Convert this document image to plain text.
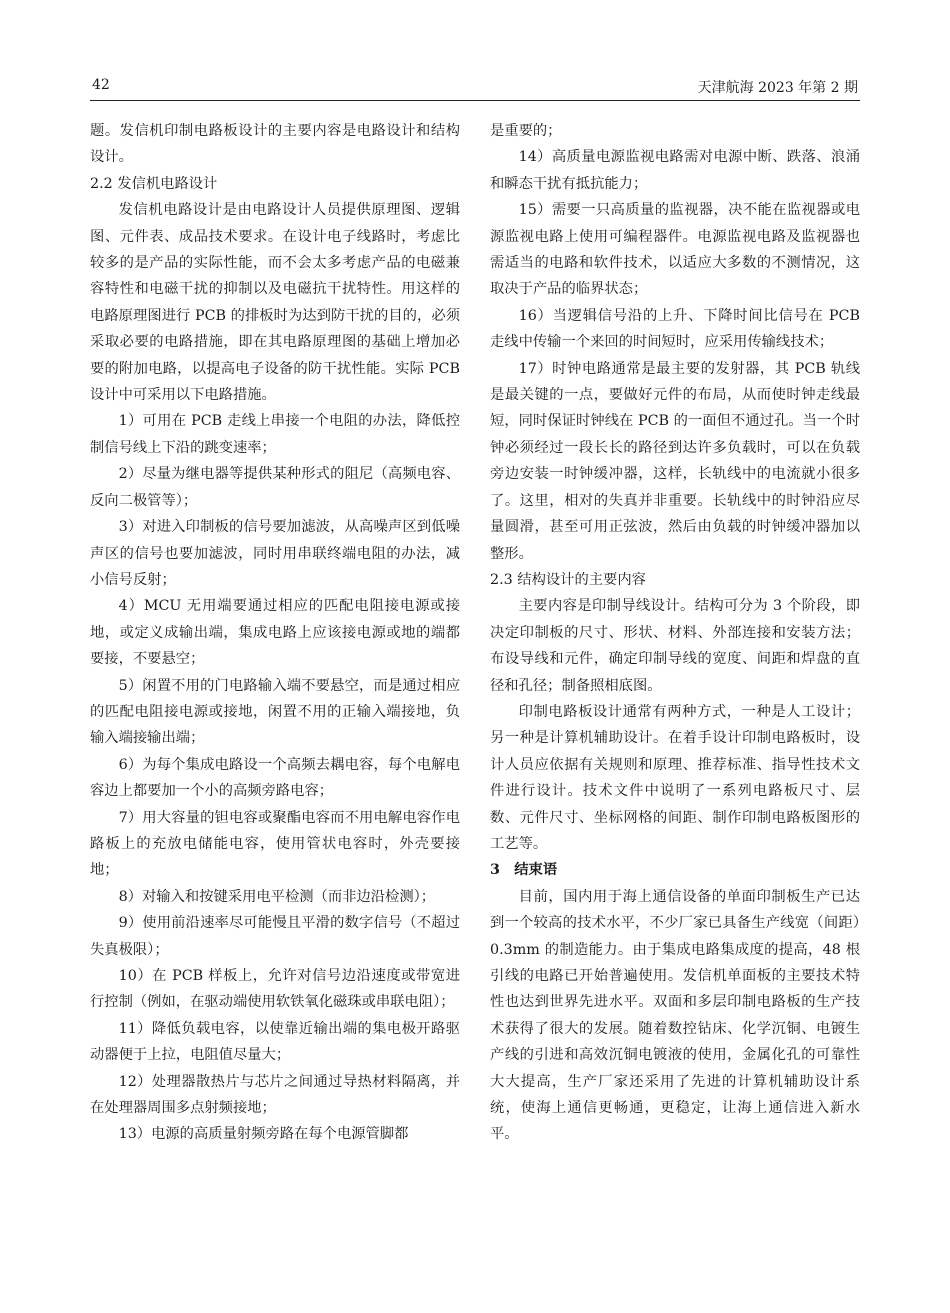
42	天津航海 2023 年第 2 期

题。发信机印制电路板设计的主要内容是电路设计和结构设计。

2.2 发信机电路设计

发信机电路设计是由电路设计人员提供原理图、逻辑图、元件表、成品技术要求。在设计电子线路时，考虑比较多的是产品的实际性能，而不会太多考虑产品的电磁兼容特性和电磁干扰的抑制以及电磁抗干扰特性。用这样的电路原理图进行 PCB 的排板时为达到防干扰的目的，必须采取必要的电路措施，即在其电路原理图的基础上增加必要的附加电路，以提高电子设备的防干扰性能。实际 PCB 设计中可采用以下电路措施。

1）可用在 PCB 走线上串接一个电阻的办法，降低控制信号线上下沿的跳变速率；

2）尽量为继电器等提供某种形式的阻尼（高频电容、反向二极管等）；

3）对进入印制板的信号要加滤波，从高噪声区到低噪声区的信号也要加滤波，同时用串联终端电阻的办法，减小信号反射；

4）MCU 无用端要通过相应的匹配电阻接电源或接地，或定义成输出端，集成电路上应该接电源或地的端都要接，不要悬空；

5）闲置不用的门电路输入端不要悬空，而是通过相应的匹配电阻接电源或接地，闲置不用的正输入端接地，负输入端接输出端；

6）为每个集成电路设一个高频去耦电容，每个电解电容边上都要加一个小的高频旁路电容；

7）用大容量的钽电容或聚酯电容而不用电解电容作电路板上的充放电储能电容，使用管状电容时，外壳要接地；

8）对输入和按键采用电平检测（而非边沿检测）；

9）使用前沿速率尽可能慢且平滑的数字信号（不超过失真极限）；

10）在 PCB 样板上，允许对信号边沿速度或带宽进行控制（例如，在驱动端使用软铁氧化磁珠或串联电阻）；

11）降低负载电容，以使靠近输出端的集电极开路驱动器便于上拉，电阻值尽量大；

12）处理器散热片与芯片之间通过导热材料隔离，并在处理器周围多点射频接地；

13）电源的高质量射频旁路在每个电源管脚都

是重要的；

14）高质量电源监视电路需对电源中断、跌落、浪涌和瞬态干扰有抵抗能力；

15）需要一只高质量的监视器，决不能在监视器或电源监视电路上使用可编程器件。电源监视电路及监视器也需适当的电路和软件技术，以适应大多数的不测情况，这取决于产品的临界状态；

16）当逻辑信号沿的上升、下降时间比信号在 PCB 走线中传输一个来回的时间短时，应采用传输线技术；

17）时钟电路通常是最主要的发射器，其 PCB 轨线是最关键的一点，要做好元件的布局，从而使时钟走线最短，同时保证时钟线在 PCB 的一面但不通过孔。当一个时钟必须经过一段长长的路径到达许多负载时，可以在负载旁边安装一时钟缓冲器，这样，长轨线中的电流就小很多了。这里，相对的失真并非重要。长轨线中的时钟沿应尽量圆滑，甚至可用正弦波，然后由负载的时钟缓冲器加以整形。

2.3 结构设计的主要内容

主要内容是印制导线设计。结构可分为 3 个阶段，即决定印制板的尺寸、形状、材料、外部连接和安装方法；布设导线和元件，确定印制导线的宽度、间距和焊盘的直径和孔径；制备照相底图。

印制电路板设计通常有两种方式，一种是人工设计；另一种是计算机辅助设计。在着手设计印制电路板时，设计人员应依据有关规则和原理、推荐标准、指导性技术文件进行设计。技术文件中说明了一系列电路板尺寸、层数、元件尺寸、坐标网格的间距、制作印制电路板图形的工艺等。

3　结束语

目前，国内用于海上通信设备的单面印制板生产已达到一个较高的技术水平，不少厂家已具备生产线宽（间距）0.3mm 的制造能力。由于集成电路集成度的提高，48 根引线的电路已开始普遍使用。发信机单面板的主要技术特性也达到世界先进水平。双面和多层印制电路板的生产技术获得了很大的发展。随着数控钻床、化学沉铜、电镀生产线的引进和高效沉铜电镀液的使用，金属化孔的可靠性大大提高，生产厂家还采用了先进的计算机辅助设计系统，使海上通信更畅通，更稳定，让海上通信进入新水平。
